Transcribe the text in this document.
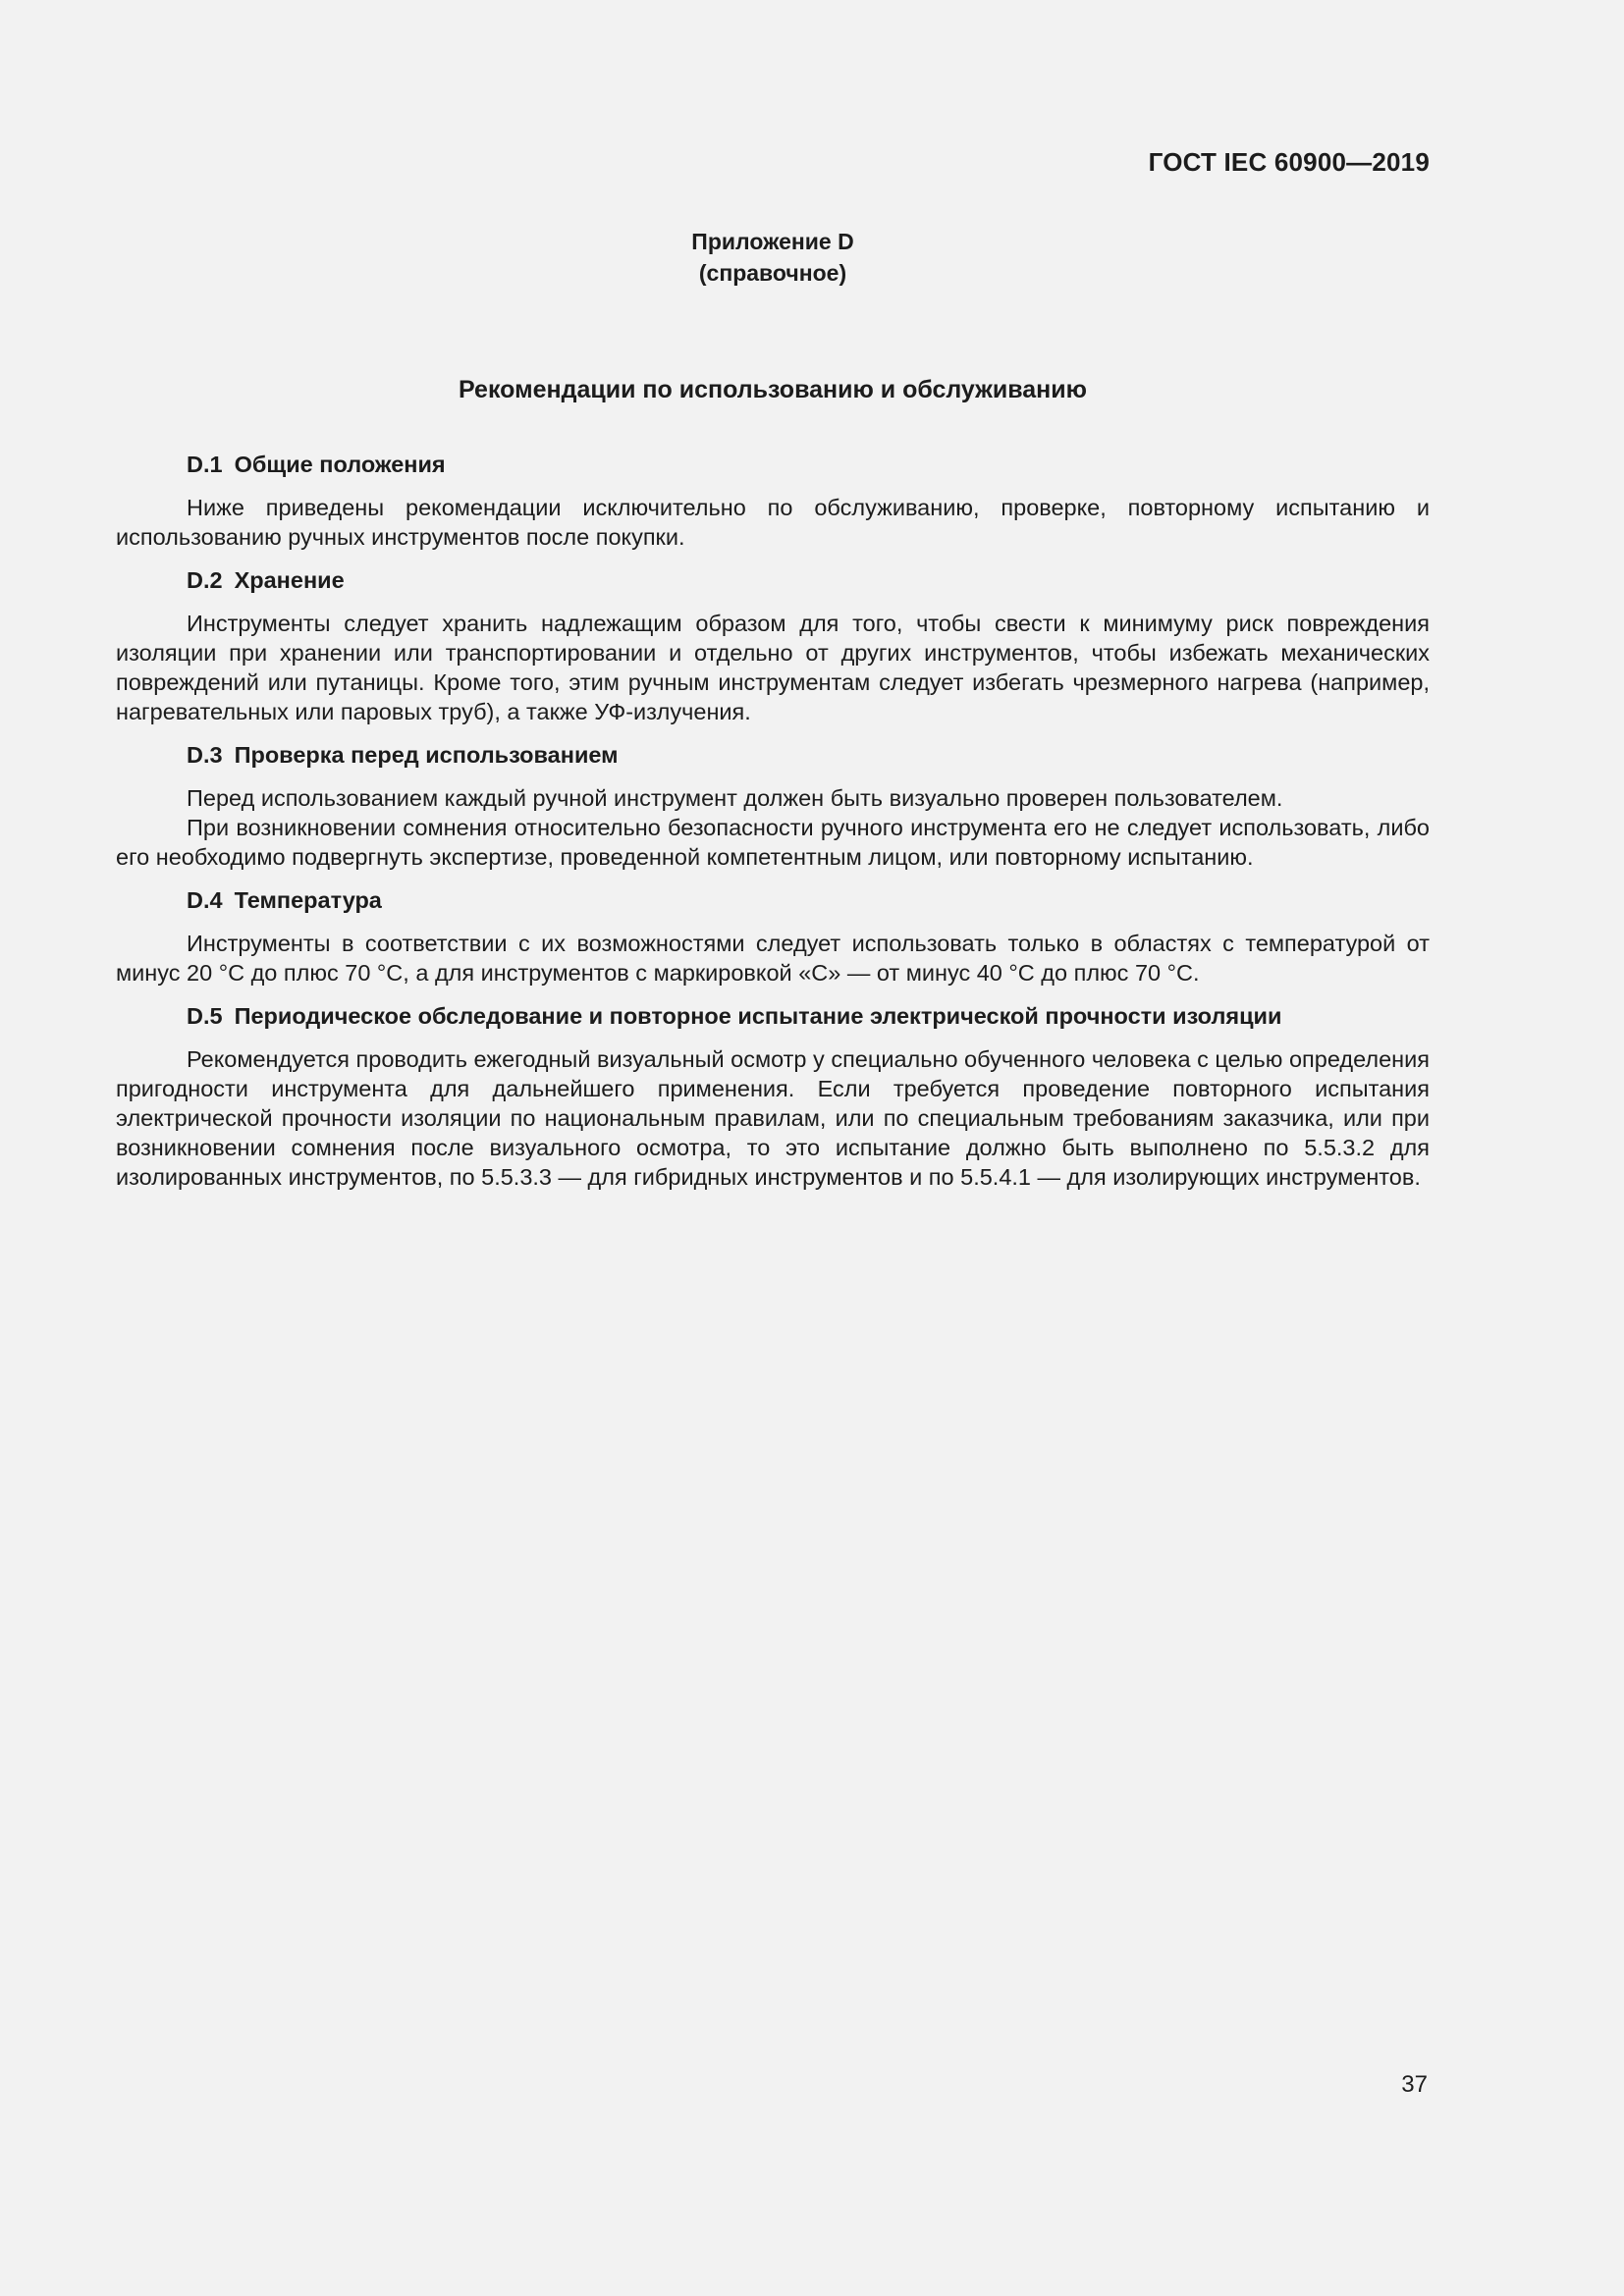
ГОСТ IEC 60900—2019
Приложение D
(справочное)
Рекомендации по использованию и обслуживанию

D.1 Общие положения

Ниже приведены рекомендации исключительно по обслуживанию, проверке, повторному испытанию и использованию ручных инструментов после покупки.

D.2 Хранение

Инструменты следует хранить надлежащим образом для того, чтобы свести к минимуму риск повреждения изоляции при хранении или транспортировании и отдельно от других инструментов, чтобы избежать механических повреждений или путаницы. Кроме того, этим ручным инструментам следует избегать чрезмерного нагрева (например, нагревательных или паровых труб), а также УФ-излучения.

D.3 Проверка перед использованием

Перед использованием каждый ручной инструмент должен быть визуально проверен пользователем.

При возникновении сомнения относительно безопасности ручного инструмента его не следует использовать, либо его необходимо подвергнуть экспертизе, проведенной компетентным лицом, или повторному испытанию.

D.4 Температура

Инструменты в соответствии с их возможностями следует использовать только в областях с температурой от минус 20 °С до плюс 70 °С, а для инструментов с маркировкой «С» — от минус 40 °С до плюс 70 °С.

D.5 Периодическое обследование и повторное испытание электрической прочности изоляции

Рекомендуется проводить ежегодный визуальный осмотр у специально обученного человека с целью определения пригодности инструмента для дальнейшего применения. Если требуется проведение повторного испытания электрической прочности изоляции по национальным правилам, или по специальным требованиям заказчика, или при возникновении сомнения после визуального осмотра, то это испытание должно быть выполнено по 5.5.3.2 для изолированных инструментов, по 5.5.3.3 — для гибридных инструментов и по 5.5.4.1 — для изолирующих инструментов.

37
